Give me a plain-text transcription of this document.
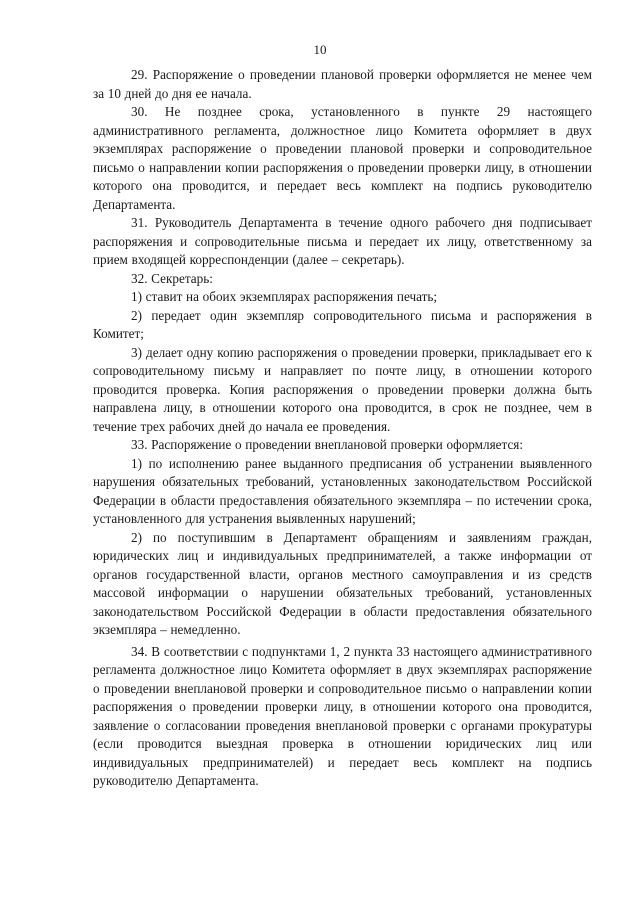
10

29. Распоряжение о проведении плановой проверки оформляется не менее чем за 10 дней до дня ее начала.

30. Не позднее срока, установленного в пункте 29 настоящего административного регламента, должностное лицо Комитета оформляет в двух экземплярах распоряжение о проведении плановой проверки и сопроводительное письмо о направлении копии распоряжения о проведении проверки лицу, в отношении которого она проводится, и передает весь комплект на подпись руководителю Департамента.

31. Руководитель Департамента в течение одного рабочего дня подписывает распоряжения и сопроводительные письма и передает их лицу, ответственному за прием входящей корреспонденции (далее – секретарь).

32. Секретарь:

1) ставит на обоих экземплярах распоряжения печать;

2) передает один экземпляр сопроводительного письма и распоряжения в Комитет;

3) делает одну копию распоряжения о проведении проверки, прикладывает его к сопроводительному письму и направляет по почте лицу, в отношении которого проводится проверка. Копия распоряжения о проведении проверки должна быть направлена лицу, в отношении которого она проводится, в срок не позднее, чем в течение трех рабочих дней до начала ее проведения.

33. Распоряжение о проведении внеплановой проверки оформляется:

1) по исполнению ранее выданного предписания об устранении выявленного нарушения обязательных требований, установленных законодательством Российской Федерации в области предоставления обязательного экземпляра – по истечении срока, установленного для устранения выявленных нарушений;

2) по поступившим в Департамент обращениям и заявлениям граждан, юридических лиц и индивидуальных предпринимателей, а также информации от органов государственной власти, органов местного самоуправления и из средств массовой информации о нарушении обязательных требований, установленных законодательством Российской Федерации в области предоставления обязательного экземпляра – немедленно.

34. В соответствии с подпунктами 1, 2 пункта 33 настоящего административного регламента должностное лицо Комитета оформляет в двух экземплярах распоряжение о проведении внеплановой проверки и сопроводительное письмо о направлении копии распоряжения о проведении проверки лицу, в отношении которого она проводится, заявление о согласовании проведения внеплановой проверки с органами прокуратуры (если проводится выездная проверка в отношении юридических лиц или индивидуальных предпринимателей) и передает весь комплект на подпись руководителю Департамента.
